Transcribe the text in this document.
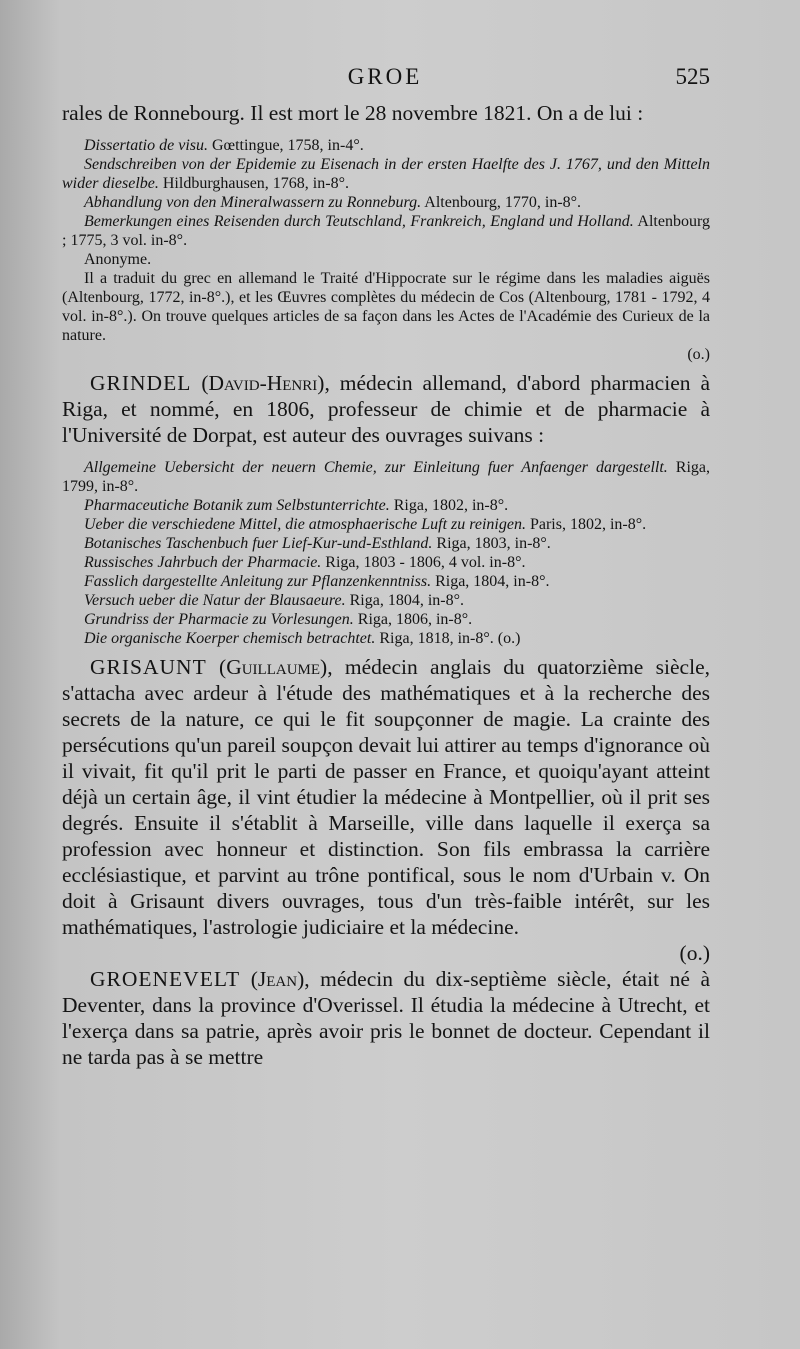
GROE	525

rales de Ronnebourg. Il est mort le 28 novembre 1821. On a de lui :

Dissertatio de visu. Gœttingue, 1758, in-4°.

Sendschreiben von der Epidemie zu Eisenach in der ersten Haelfte des J. 1767, und den Mitteln wider dieselbe. Hildburghausen, 1768, in-8°.

Abhandlung von den Mineralwassern zu Ronneburg. Altenbourg, 1770, in-8°.

Bemerkungen eines Reisenden durch Teutschland, Frankreich, England und Holland. Altenbourg ; 1775, 3 vol. in-8°.

Anonyme.

Il a traduit du grec en allemand le Traité d'Hippocrate sur le régime dans les maladies aiguës (Altenbourg, 1772, in-8°.), et les Œuvres complètes du médecin de Cos (Altenbourg, 1781 - 1792, 4 vol. in-8°.). On trouve quelques articles de sa façon dans les Actes de l'Académie des Curieux de la nature.
(o.)

GRINDEL (David-Henri), médecin allemand, d'abord pharmacien à Riga, et nommé, en 1806, professeur de chimie et de pharmacie à l'Université de Dorpat, est auteur des ouvrages suivans :

Allgemeine Uebersicht der neuern Chemie, zur Einleitung fuer Anfaenger dargestellt. Riga, 1799, in-8°.

Pharmaceutiche Botanik zum Selbstunterrichte. Riga, 1802, in-8°.

Ueber die verschiedene Mittel, die atmosphaerische Luft zu reinigen. Paris, 1802, in-8°.

Botanisches Taschenbuch fuer Lief-Kur-und-Esthland. Riga, 1803, in-8°.

Russisches Jahrbuch der Pharmacie. Riga, 1803 - 1806, 4 vol. in-8°.

Fasslich dargestellte Anleitung zur Pflanzenkenntniss. Riga, 1804, in-8°.

Versuch ueber die Natur der Blausaeure. Riga, 1804, in-8°.

Grundriss der Pharmacie zu Vorlesungen. Riga, 1806, in-8°.

Die organische Koerper chemisch betrachtet. Riga, 1818, in-8°. (o.)

GRISAUNT (Guillaume), médecin anglais du quatorzième siècle, s'attacha avec ardeur à l'étude des mathématiques et à la recherche des secrets de la nature, ce qui le fit soupçonner de magie. La crainte des persécutions qu'un pareil soupçon devait lui attirer au temps d'ignorance où il vivait, fit qu'il prit le parti de passer en France, et quoiqu'ayant atteint déjà un certain âge, il vint étudier la médecine à Montpellier, où il prit ses degrés. Ensuite il s'établit à Marseille, ville dans laquelle il exerça sa profession avec honneur et distinction. Son fils embrassa la carrière ecclésiastique, et parvint au trône pontifical, sous le nom d'Urbain v. On doit à Grisaunt divers ouvrages, tous d'un très-faible intérêt, sur les mathématiques, l'astrologie judiciaire et la médecine.
(o.)

GROENEVELT (Jean), médecin du dix-septième siècle, était né à Deventer, dans la province d'Overissel. Il étudia la médecine à Utrecht, et l'exerça dans sa patrie, après avoir pris le bonnet de docteur. Cependant il ne tarda pas à se mettre
